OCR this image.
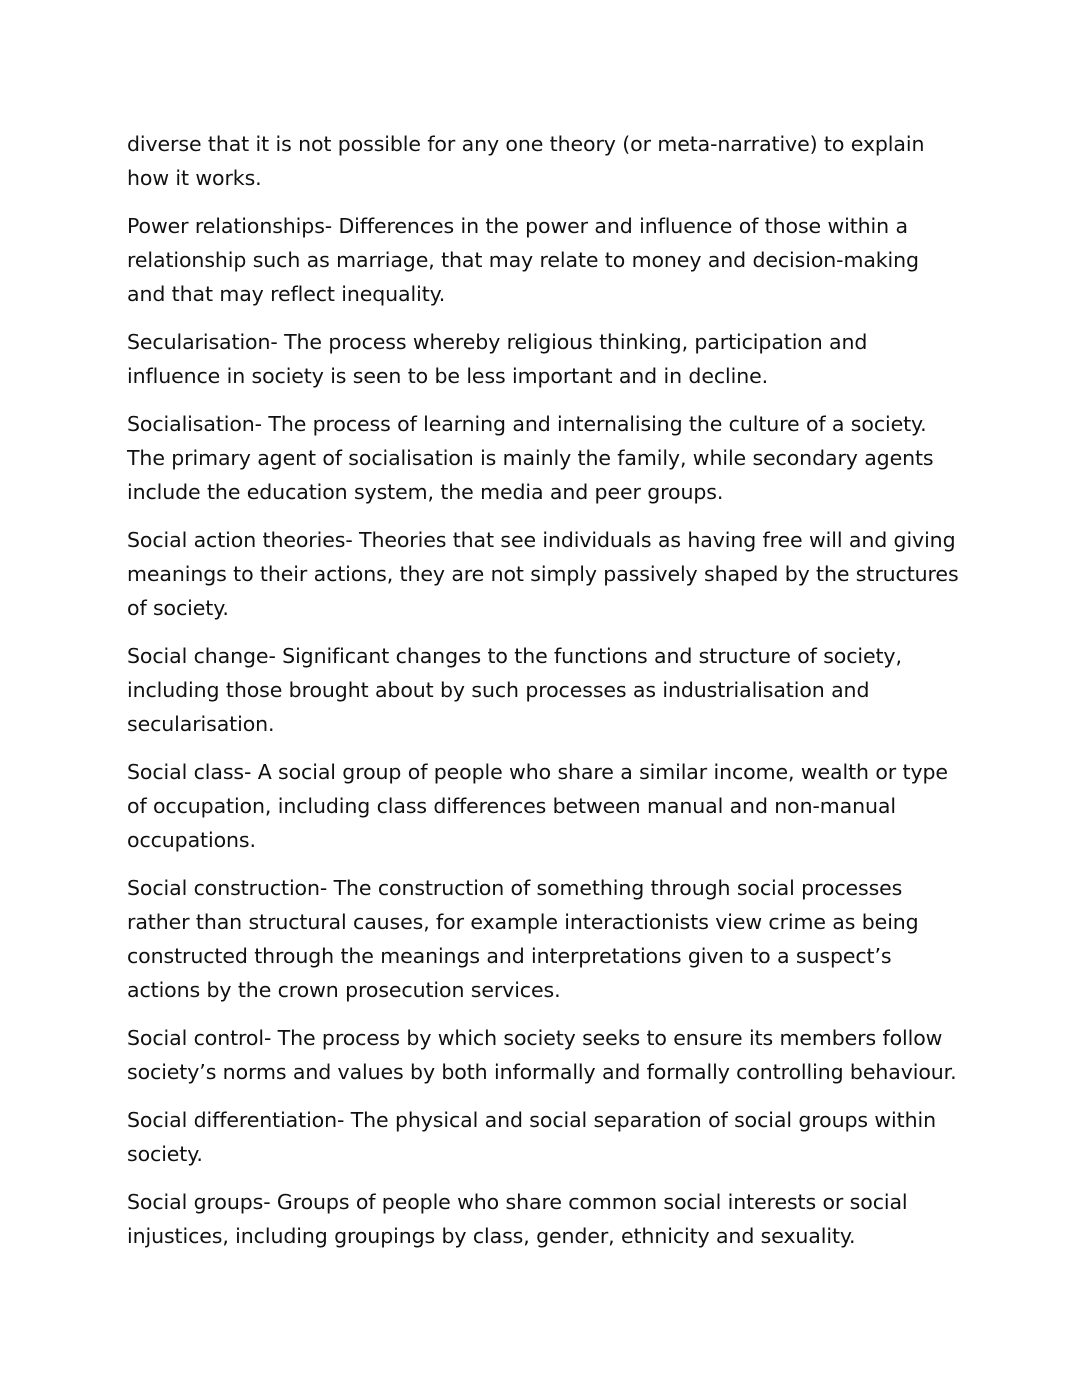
diverse that it is not possible for any one theory (or meta-narrative) to explain how it works.

Power relationships- Differences in the power and influence of those within a relationship such as marriage, that may relate to money and decision-making and that may reflect inequality.

Secularisation- The process whereby religious thinking, participation and influence in society is seen to be less important and in decline.

Socialisation- The process of learning and internalising the culture of a society. The primary agent of socialisation is mainly the family, while secondary agents include the education system, the media and peer groups.

Social action theories- Theories that see individuals as having free will and giving meanings to their actions, they are not simply passively shaped by the structures of society.

Social change- Significant changes to the functions and structure of society, including those brought about by such processes as industrialisation and secularisation.

Social class- A social group of people who share a similar income, wealth or type of occupation, including class differences between manual and non-manual occupations.

Social construction- The construction of something through social processes rather than structural causes, for example interactionists view crime as being constructed through the meanings and interpretations given to a suspect’s actions by the crown prosecution services.

Social control- The process by which society seeks to ensure its members follow society’s norms and values by both informally and formally controlling behaviour.

Social differentiation- The physical and social separation of social groups within society.

Social groups- Groups of people who share common social interests or social injustices, including groupings by class, gender, ethnicity and sexuality.
